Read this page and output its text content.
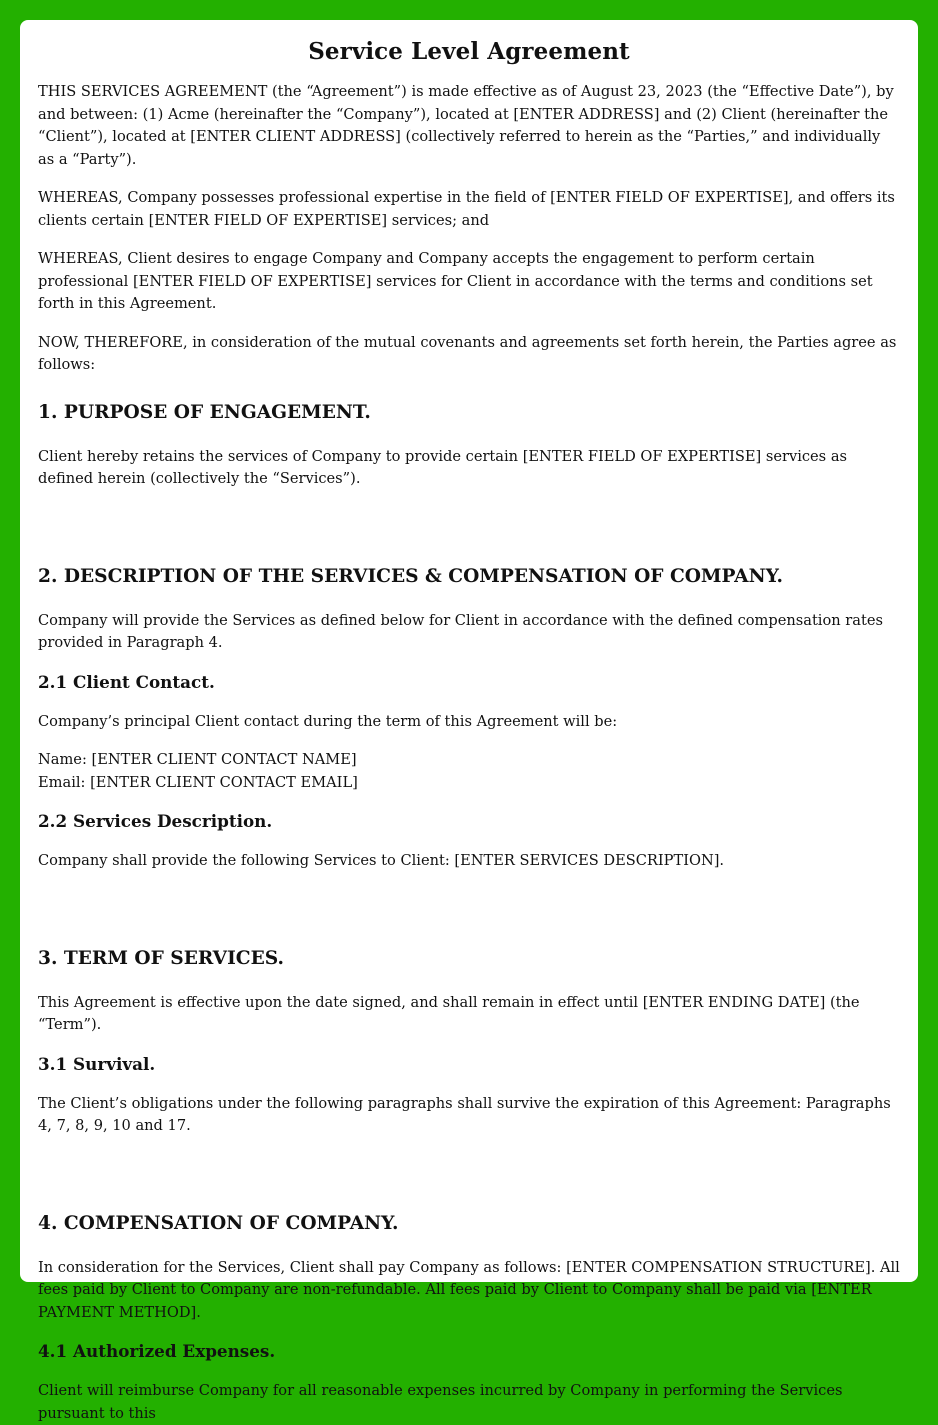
Service Level Agreement

THIS SERVICES AGREEMENT (the “Agreement”) is made effective as of August 23, 2023 (the “Effective Date”), by and between: (1) Acme (hereinafter the “Company”), located at [ENTER ADDRESS] and (2) Client (hereinafter the “Client”), located at [ENTER CLIENT ADDRESS] (collectively referred to herein as the “Parties,” and individually as a “Party”).

WHEREAS, Company possesses professional expertise in the field of [ENTER FIELD OF EXPERTISE], and offers its clients certain [ENTER FIELD OF EXPERTISE] services; and

WHEREAS, Client desires to engage Company and Company accepts the engagement to perform certain professional [ENTER FIELD OF EXPERTISE] services for Client in accordance with the terms and conditions set forth in this Agreement.

NOW, THEREFORE, in consideration of the mutual covenants and agreements set forth herein, the Parties agree as follows:

1. PURPOSE OF ENGAGEMENT.

Client hereby retains the services of Company to provide certain [ENTER FIELD OF EXPERTISE] services as defined herein (collectively the “Services”).

2. DESCRIPTION OF THE SERVICES & COMPENSATION OF COMPANY.

Company will provide the Services as defined below for Client in accordance with the defined compensation rates provided in Paragraph 4.

2.1 Client Contact.

Company’s principal Client contact during the term of this Agreement will be:

Name: [ENTER CLIENT CONTACT NAME]

Email: [ENTER CLIENT CONTACT EMAIL]

2.2 Services Description.

Company shall provide the following Services to Client: [ENTER SERVICES DESCRIPTION].

3. TERM OF SERVICES.

This Agreement is effective upon the date signed, and shall remain in effect until [ENTER ENDING DATE] (the “Term”).

3.1 Survival.

The Client’s obligations under the following paragraphs shall survive the expiration of this Agreement: Paragraphs 4, 7, 8, 9, 10 and 17.

4. COMPENSATION OF COMPANY.

In consideration for the Services, Client shall pay Company as follows: [ENTER COMPENSATION STRUCTURE]. All fees paid by Client to Company are non-refundable. All fees paid by Client to Company shall be paid via [ENTER PAYMENT METHOD].

4.1 Authorized Expenses.

Client will reimburse Company for all reasonable expenses incurred by Company in performing the Services pursuant to this
